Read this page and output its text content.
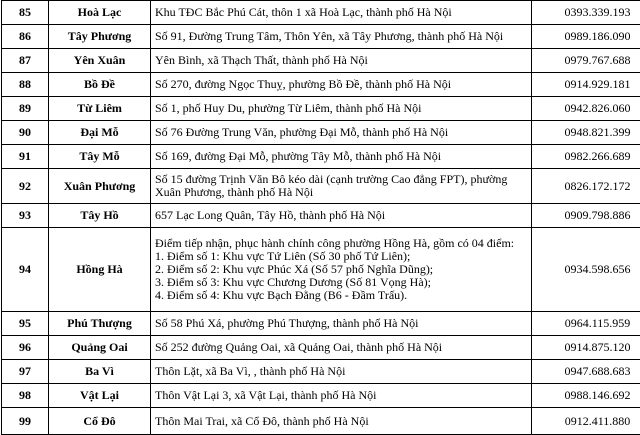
85	Hoà Lạc	Khu TĐC Bắc Phú Cát, thôn 1 xã Hoà Lạc, thành phố Hà Nội	0393.339.193
86	Tây Phương	Số 91, Đường Trung Tâm, Thôn Yên, xã Tây Phương, thành phố Hà Nội	0989.186.090
87	Yên Xuân	Yên Bình, xã Thạch Thất, thành phố Hà Nội	0979.767.688
88	Bồ Đề	Số 270, đường Ngọc Thuỵ, phường Bồ Đề, thành phố Hà Nội	0914.929.181
89	Từ Liêm	Số 1, phố Huy Du, phường Từ Liêm, thành phố Hà Nội	0942.826.060
90	Đại Mỗ	Số 76 Đường Trung Văn, phường Đại Mỗ, thành phố Hà Nội	0948.821.399
91	Tây Mỗ	Số 169, đường Đại Mỗ, phường Tây Mỗ, thành phố Hà Nội	0982.266.689
92	Xuân Phương	Số 15 đường Trịnh Văn Bô kéo dài (cạnh trường Cao đẳng FPT), phường
Xuân Phương, thành phố Hà Nội	0826.172.172
93	Tây Hồ	657 Lạc Long Quân, Tây Hồ, thành phố Hà Nội	0909.798.886
94	Hồng Hà	Điểm tiếp nhận, phục hành chính công phường Hồng Hà, gồm có 04 điểm:
1. Điểm số 1: Khu vực Tứ Liên (Số 30 phố Tứ Liên);
2. Điểm số 2: Khu vực Phúc Xá (Số 57 phố Nghĩa Dũng);
3. Điểm số 3: Khu vực Chương Dương (Số 81 Vọng Hà);
4. Điểm số 4: Khu vực Bạch Đằng (B6 - Đầm Trấu).	0934.598.656
95	Phú Thượng	Số 58 Phú Xá, phường Phú Thượng, thành phố Hà Nội	0964.115.959
96	Quảng Oai	Số 252 đường Quảng Oai, xã Quảng Oai, thành phố Hà Nội	0914.875.120
97	Ba Vì	Thôn Lặt, xã Ba Vì, , thành phố Hà Nội	0947.688.683
98	Vật Lại	Thôn Vật Lại 3, xã Vật Lại, thành phố Hà Nội	0988.146.692
99	Cổ Đô	Thôn Mai Trai, xã Cổ Đô, thành phố Hà Nội	0912.411.880
